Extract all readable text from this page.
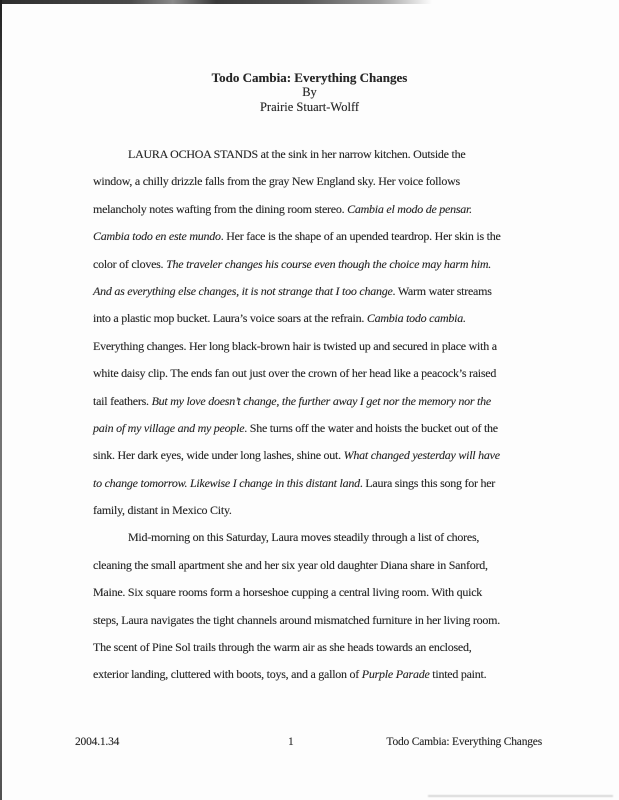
Todo Cambia: Everything Changes
By
Prairie Stuart-Wolff
LAURA OCHOA STANDS at the sink in her narrow kitchen. Outside the
window, a chilly drizzle falls from the gray New England sky. Her voice follows
melancholy notes wafting from the dining room stereo. Cambia el modo de pensar.
Cambia todo en este mundo. Her face is the shape of an upended teardrop. Her skin is the
color of cloves. The traveler changes his course even though the choice may harm him.
And as everything else changes, it is not strange that I too change. Warm water streams
into a plastic mop bucket. Laura’s voice soars at the refrain. Cambia todo cambia.
Everything changes. Her long black-brown hair is twisted up and secured in place with a
white daisy clip. The ends fan out just over the crown of her head like a peacock’s raised
tail feathers. But my love doesn’t change, the further away I get nor the memory nor the
pain of my village and my people. She turns off the water and hoists the bucket out of the
sink. Her dark eyes, wide under long lashes, shine out. What changed yesterday will have
to change tomorrow. Likewise I change in this distant land. Laura sings this song for her
family, distant in Mexico City.
Mid-morning on this Saturday, Laura moves steadily through a list of chores,
cleaning the small apartment she and her six year old daughter Diana share in Sanford,
Maine. Six square rooms form a horseshoe cupping a central living room. With quick
steps, Laura navigates the tight channels around mismatched furniture in her living room.
The scent of Pine Sol trails through the warm air as she heads towards an enclosed,
exterior landing, cluttered with boots, toys, and a gallon of Purple Parade tinted paint.
2004.1.34	1	Todo Cambia: Everything Changes
